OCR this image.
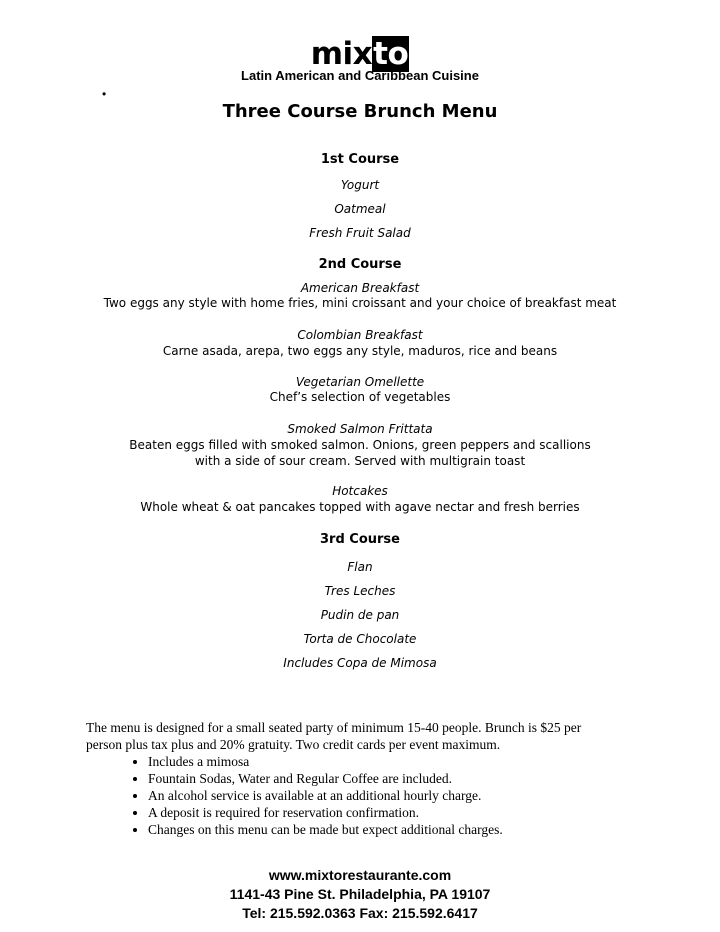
mixto
Latin American and Caribbean Cuisine
•
Three Course Brunch Menu
1st Course
Yogurt
Oatmeal
Fresh Fruit Salad
2nd Course
American Breakfast
Two eggs any style with home fries, mini croissant and your choice of breakfast meat
Colombian Breakfast
Carne asada, arepa, two eggs any style, maduros, rice and beans
Vegetarian Omellette
Chef’s selection of vegetables
Smoked Salmon Frittata
Beaten eggs filled with smoked salmon. Onions, green peppers and scallions
with a side of sour cream. Served with multigrain toast
Hotcakes
Whole wheat & oat pancakes topped with agave nectar and fresh berries
3rd Course
Flan
Tres Leches
Pudin de pan
Torta de Chocolate
Includes Copa de Mimosa
The menu is designed for a small seated party of minimum 15-40 people. Brunch is $25 per
person plus tax plus and 20% gratuity. Two credit cards per event maximum.
• Includes a mimosa
• Fountain Sodas, Water and Regular Coffee are included.
• An alcohol service is available at an additional hourly charge.
• A deposit is required for reservation confirmation.
• Changes on this menu can be made but expect additional charges.
www.mixtorestaurante.com
1141-43 Pine St. Philadelphia, PA 19107
Tel: 215.592.0363 Fax: 215.592.6417
